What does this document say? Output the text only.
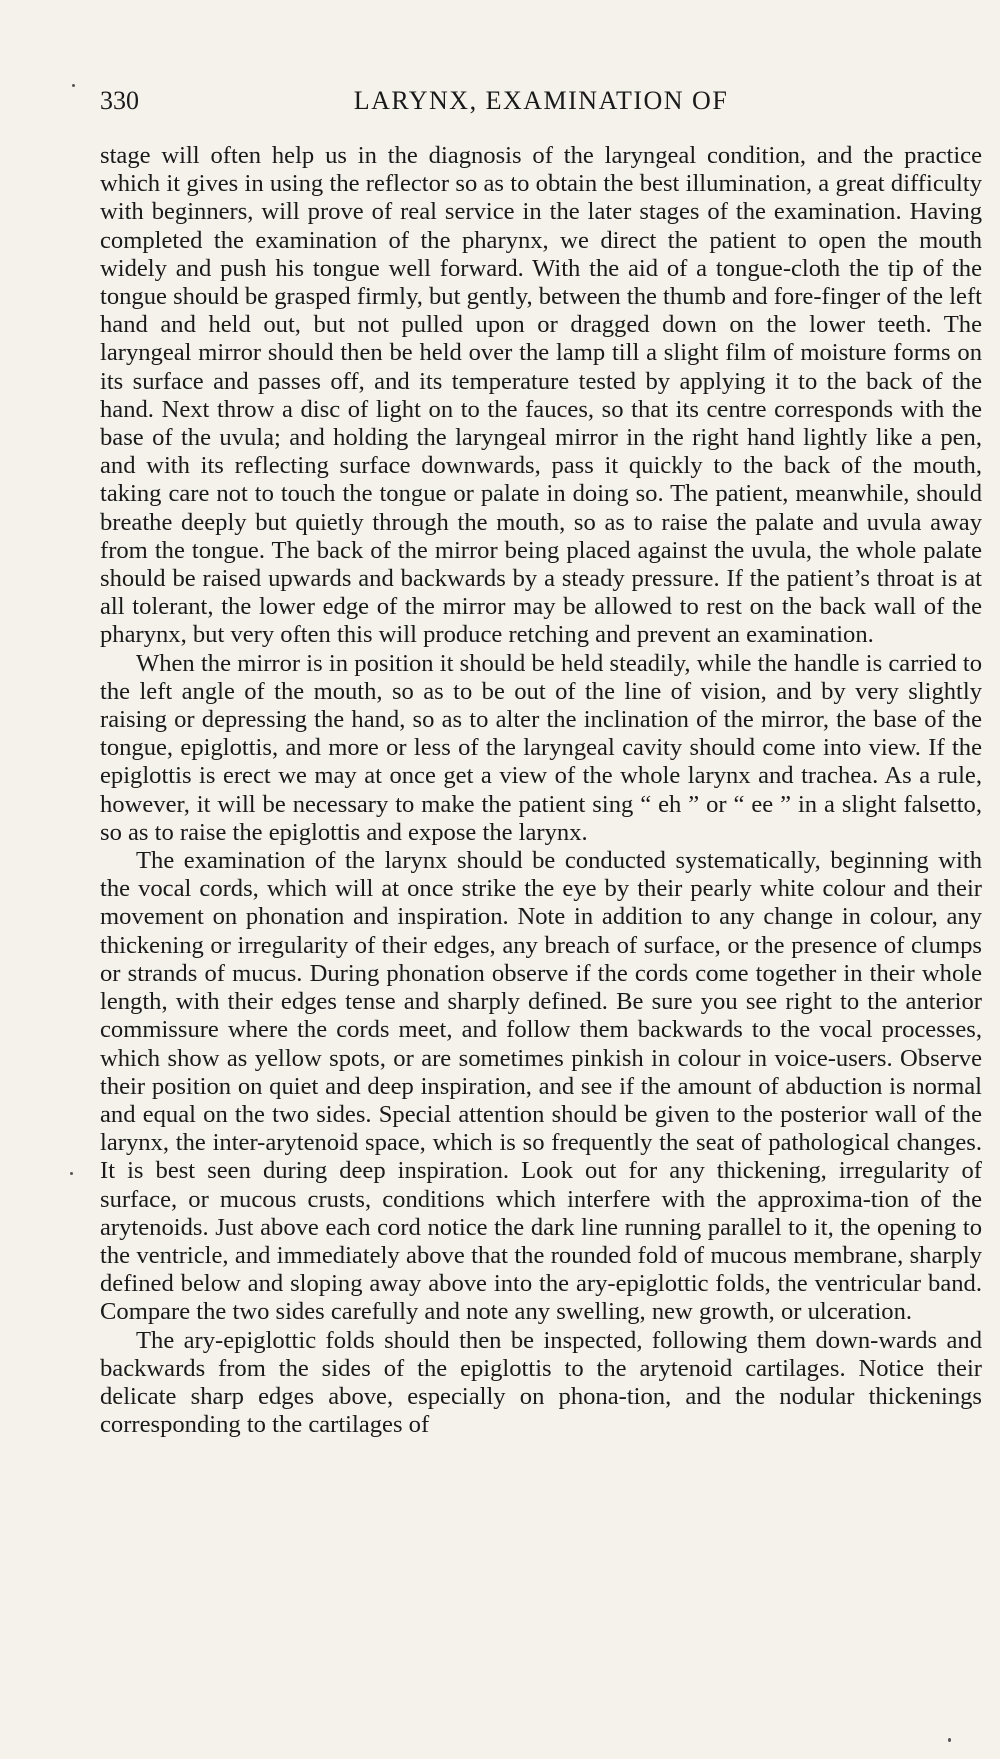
330	LARYNX, EXAMINATION OF

stage will often help us in the diagnosis of the laryngeal condition, and the practice which it gives in using the reflector so as to obtain the best illumination, a great difficulty with beginners, will prove of real service in the later stages of the examination. Having completed the examination of the pharynx, we direct the patient to open the mouth widely and push his tongue well forward. With the aid of a tongue-cloth the tip of the tongue should be grasped firmly, but gently, between the thumb and fore-finger of the left hand and held out, but not pulled upon or dragged down on the lower teeth. The laryngeal mirror should then be held over the lamp till a slight film of moisture forms on its surface and passes off, and its temperature tested by applying it to the back of the hand. Next throw a disc of light on to the fauces, so that its centre corresponds with the base of the uvula; and holding the laryngeal mirror in the right hand lightly like a pen, and with its reflecting surface downwards, pass it quickly to the back of the mouth, taking care not to touch the tongue or palate in doing so. The patient, meanwhile, should breathe deeply but quietly through the mouth, so as to raise the palate and uvula away from the tongue. The back of the mirror being placed against the uvula, the whole palate should be raised upwards and backwards by a steady pressure. If the patient’s throat is at all tolerant, the lower edge of the mirror may be allowed to rest on the back wall of the pharynx, but very often this will produce retching and prevent an examination.

When the mirror is in position it should be held steadily, while the handle is carried to the left angle of the mouth, so as to be out of the line of vision, and by very slightly raising or depressing the hand, so as to alter the inclination of the mirror, the base of the tongue, epiglottis, and more or less of the laryngeal cavity should come into view. If the epiglottis is erect we may at once get a view of the whole larynx and trachea. As a rule, however, it will be necessary to make the patient sing “ eh ” or “ ee ” in a slight falsetto, so as to raise the epiglottis and expose the larynx.

The examination of the larynx should be conducted systematically, beginning with the vocal cords, which will at once strike the eye by their pearly white colour and their movement on phonation and inspiration. Note in addition to any change in colour, any thickening or irregularity of their edges, any breach of surface, or the presence of clumps or strands of mucus. During phonation observe if the cords come together in their whole length, with their edges tense and sharply defined. Be sure you see right to the anterior commissure where the cords meet, and follow them backwards to the vocal processes, which show as yellow spots, or are sometimes pinkish in colour in voice-users. Observe their position on quiet and deep inspiration, and see if the amount of abduction is normal and equal on the two sides. Special attention should be given to the posterior wall of the larynx, the inter-arytenoid space, which is so frequently the seat of pathological changes. It is best seen during deep inspiration. Look out for any thickening, irregularity of surface, or mucous crusts, conditions which interfere with the approxima-tion of the arytenoids. Just above each cord notice the dark line running parallel to it, the opening to the ventricle, and immediately above that the rounded fold of mucous membrane, sharply defined below and sloping away above into the ary-epiglottic folds, the ventricular band. Compare the two sides carefully and note any swelling, new growth, or ulceration.

The ary-epiglottic folds should then be inspected, following them down-wards and backwards from the sides of the epiglottis to the arytenoid cartilages. Notice their delicate sharp edges above, especially on phona-tion, and the nodular thickenings corresponding to the cartilages of
